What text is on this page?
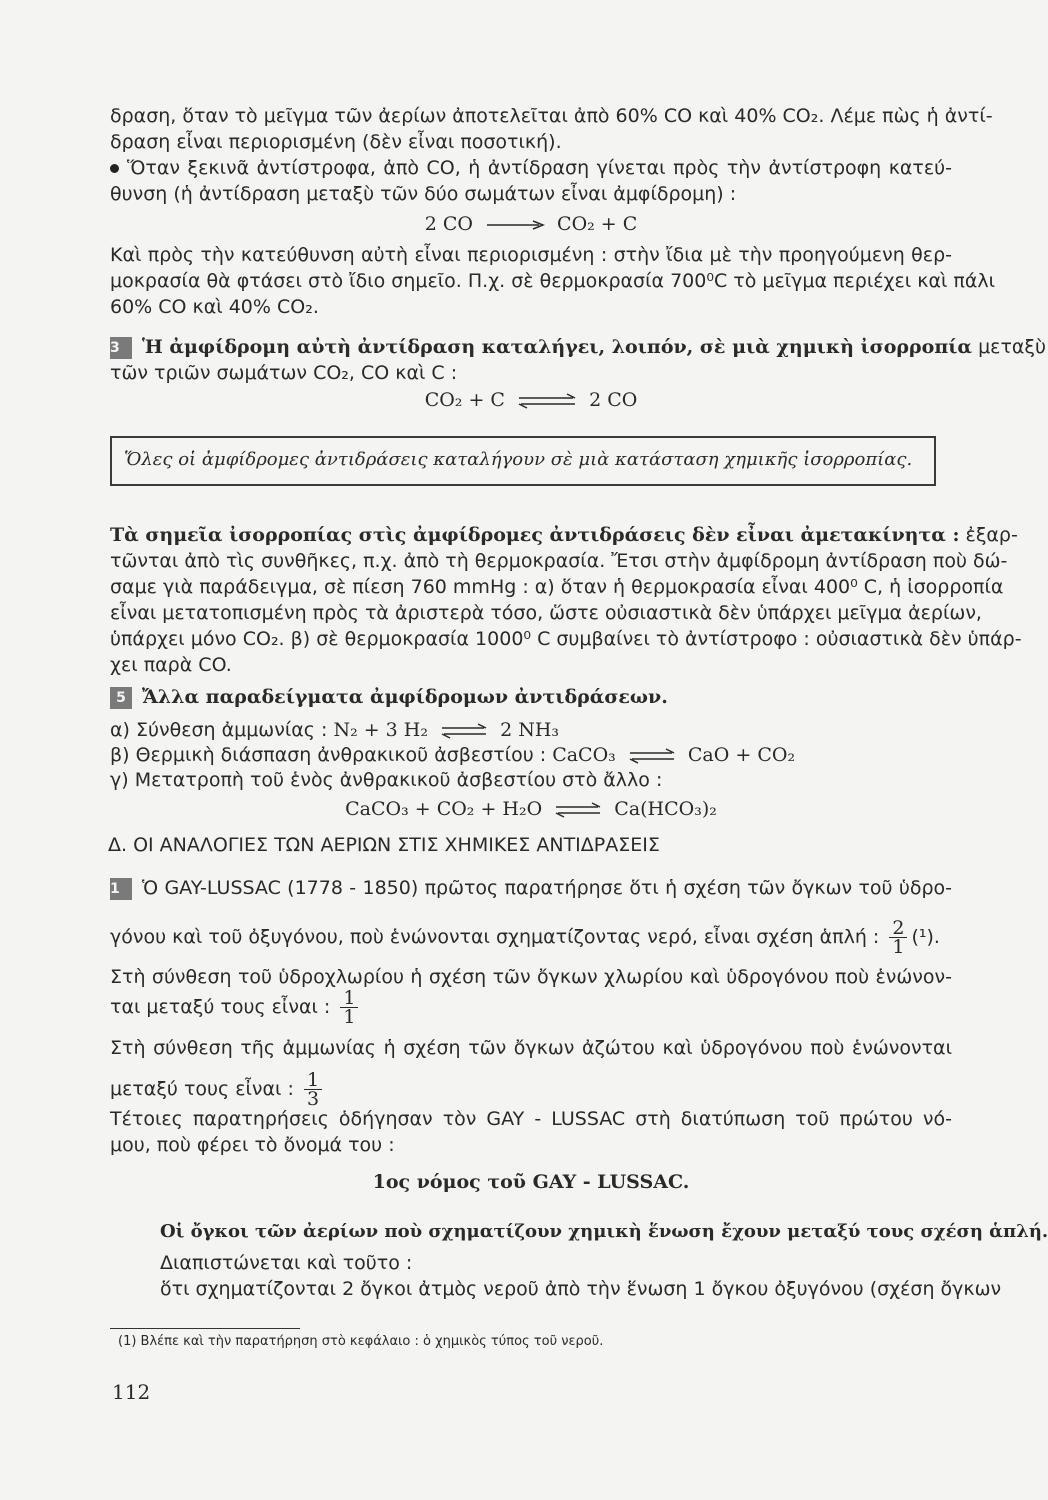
δραση, ὅταν τὸ μεῖγμα τῶν ἀερίων ἀποτελεῖται ἀπὸ 60% CO καὶ 40% CO₂. Λέμε πὼς ἡ ἀντί-
δραση εἶναι περιορισμένη (δὲν εἶναι ποσοτική).
Ὅταν ξεκινᾶ ἀντίστροφα, ἀπὸ CO, ἡ ἀντίδραση γίνεται πρὸς τὴν ἀντίστροφη κατεύ-
θυνση (ἡ ἀντίδραση μεταξὺ τῶν δύο σωμάτων εἶναι ἀμφίδρομη) :
2 CO	CO₂ + C
Καὶ πρὸς τὴν κατεύθυνση αὐτὴ εἶναι περιορισμένη : στὴν ἴδια μὲ τὴν προηγούμενη θερ-
μοκρασία θὰ φτάσει στὸ ἴδιο σημεῖο. Π.χ. σὲ θερμοκρασία 700⁰C τὸ μεῖγμα περιέχει καὶ πάλι
60% CO καὶ 40% CO₂.
3 Ἡ ἀμφίδρομη αὐτὴ ἀντίδραση καταλήγει, λοιπόν, σὲ μιὰ χημικὴ ἰσορροπία μεταξὺ
τῶν τριῶν σωμάτων CO₂, CO καὶ C :
CO₂ + C ⇌ 2 CO
Ὅλες οἱ ἀμφίδρομες ἀντιδράσεις καταλήγουν σὲ μιὰ κατάσταση χημικῆς ἰσορροπίας.
Τὰ σημεῖα ἰσορροπίας στὶς ἀμφίδρομες ἀντιδράσεις δὲν εἶναι ἀμετακίνητα : ἐξαρ-
τῶνται ἀπὸ τὶς συνθῆκες, π.χ. ἀπὸ τὴ θερμοκρασία. Ἔτσι στὴν ἀμφίδρομη ἀντίδραση ποὺ δώ-
σαμε γιὰ παράδειγμα, σὲ πίεση 760 mmHg : α) ὅταν ἡ θερμοκρασία εἶναι 400⁰ C, ἡ ἰσορροπία
εἶναι μετατοπισμένη πρὸς τὰ ἀριστερὰ τόσο, ὥστε οὐσιαστικὰ δὲν ὑπάρχει μεῖγμα ἀερίων,
ὑπάρχει μόνο CO₂. β) σὲ θερμοκρασία 1000⁰ C συμβαίνει τὸ ἀντίστροφο : οὐσιαστικὰ δὲν ὑπάρ-
χει παρὰ CO.
5 Ἄλλα παραδείγματα ἀμφίδρομων ἀντιδράσεων.
α) Σύνθεση ἀμμωνίας : N₂ + 3 H₂ ⇌ 2 NH₃
β) Θερμικὴ διάσπαση ἀνθρακικοῦ ἀσβεστίου : CaCO₃ ⇌ CaO + CO₂
γ) Μετατροπὴ τοῦ ἑνὸς ἀνθρακικοῦ ἀσβεστίου στὸ ἄλλο :
CaCO₃ + CO₂ + H₂O ⇌ Ca(HCO₃)₂
Δ. ΟΙ ΑΝΑΛΟΓΙΕΣ ΤΩΝ ΑΕΡΙΩΝ ΣΤΙΣ ΧΗΜΙΚΕΣ ΑΝΤΙΔΡΑΣΕΙΣ
1 Ὁ GAY-LUSSAC (1778 - 1850) πρῶτος παρατήρησε ὅτι ἡ σχέση τῶν ὄγκων τοῦ ὑδρο-
γόνου καὶ τοῦ ὀξυγόνου, ποὺ ἑνώνονται σχηματίζοντας νερό, εἶναι σχέση ἁπλή : $\frac{2}{1} (^1)$.
Στὴ σύνθεση τοῦ ὑδροχλωρίου ἡ σχέση τῶν ὄγκων χλωρίου καὶ ὑδρογόνου ποὺ ἑνώνον-
ται μεταξύ τους εἶναι : $\frac{1}{1}$
Στὴ σύνθεση τῆς ἀμμωνίας ἡ σχέση τῶν ὄγκων ἀζώτου καὶ ὑδρογόνου ποὺ ἑνώνονται
μεταξύ τους εἶναι : $\frac{1}{3}$
Τέτοιες παρατηρήσεις ὁδήγησαν τὸν GAY - LUSSAC στὴ διατύπωση τοῦ πρώτου νό-
μου, ποὺ φέρει τὸ ὄνομά του :
1ος νόμος τοῦ GAY - LUSSAC.
Οἱ ὄγκοι τῶν ἀερίων ποὺ σχηματίζουν χημικὴ ἕνωση ἔχουν μεταξύ τους σχέση ἁπλή.
Διαπιστώνεται καὶ τοῦτο :
ὅτι σχηματίζονται 2 ὄγκοι ἀτμὸς νεροῦ ἀπὸ τὴν ἕνωση 1 ὄγκου ὀξυγόνου (σχέση ὄγκων
(1) Βλέπε καὶ τὴν παρατήρηση στὸ κεφάλαιο : ὁ χημικὸς τύπος τοῦ νεροῦ.
112
